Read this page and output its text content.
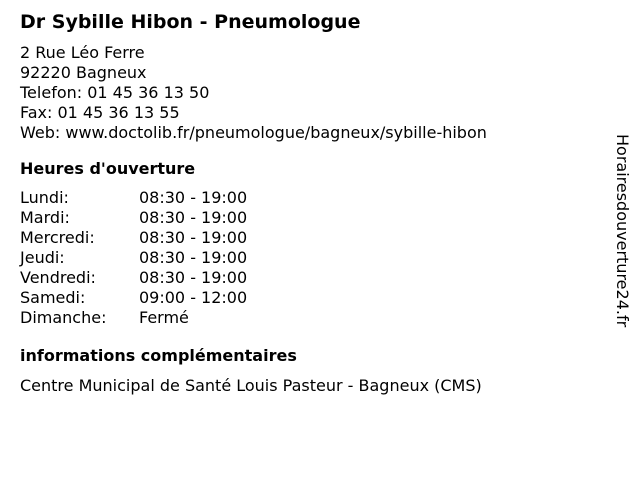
Dr Sybille Hibon - Pneumologue
2 Rue Léo Ferre
92220 Bagneux
Telefon: 01 45 36 13 50
Fax: 01 45 36 13 55
Web: www.doctolib.fr/pneumologue/bagneux/sybille-hibon
Heures d'ouverture
Lundi:	08:30 - 19:00
Mardi:	08:30 - 19:00
Mercredi:	08:30 - 19:00
Jeudi:	08:30 - 19:00
Vendredi:	08:30 - 19:00
Samedi:	09:00 - 12:00
Dimanche:	Fermé
informations complémentaires
Centre Municipal de Santé Louis Pasteur - Bagneux (CMS)
Horairesdouverture24.fr
